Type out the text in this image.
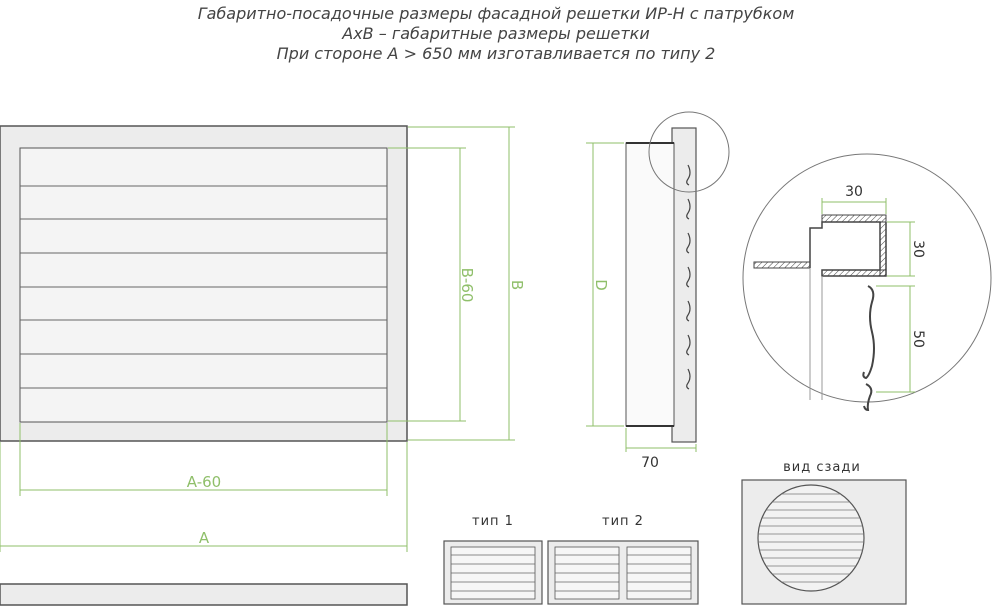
Габаритно-посадочные размеры фасадной решетки ИР-Н с патрубком
AxB – габаритные размеры решетки
При стороне A > 650 мм изготавливается по типу 2
B-60 B
A-60
A
D
70
30
30
50
тип 1	тип 2
вид сзади
